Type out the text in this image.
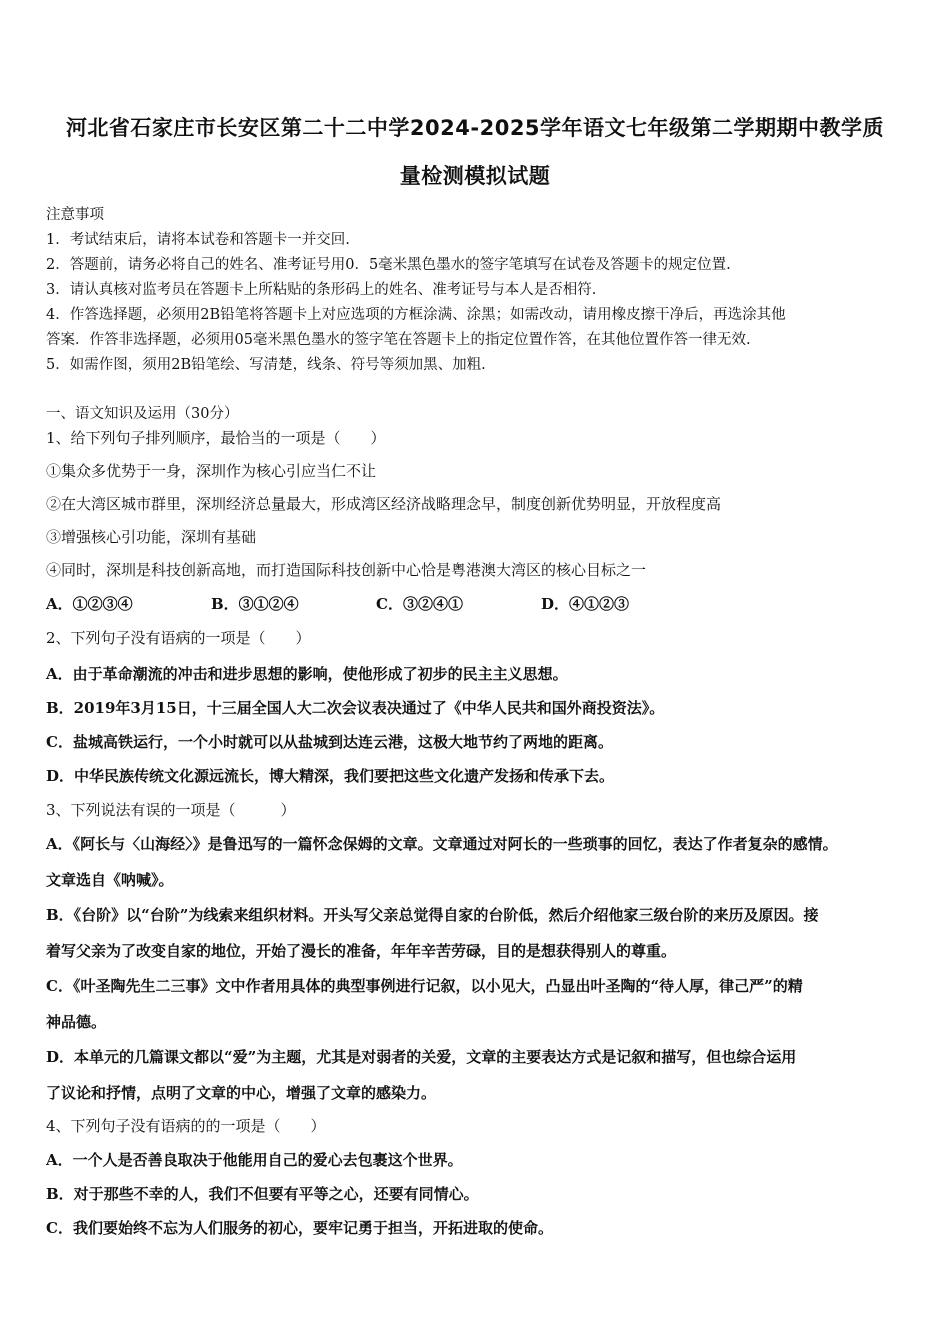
河北省石家庄市长安区第二十二中学2024-2025学年语文七年级第二学期期中教学质
量检测模拟试题
注意事项
1．考试结束后，请将本试卷和答题卡一并交回.
2．答题前，请务必将自己的姓名、准考证号用0．5毫米黑色墨水的签字笔填写在试卷及答题卡的规定位置.
3．请认真核对监考员在答题卡上所粘贴的条形码上的姓名、准考证号与本人是否相符.
4．作答选择题，必须用2B铅笔将答题卡上对应选项的方框涂满、涂黑；如需改动，请用橡皮擦干净后，再选涂其他
答案．作答非选择题，必须用05毫米黑色墨水的签字笔在答题卡上的指定位置作答，在其他位置作答一律无效.
5．如需作图，须用2B铅笔绘、写清楚，线条、符号等须加黑、加粗.
一、语文知识及运用（30分）
1、给下列句子排列顺序，最恰当的一项是（　　）
①集众多优势于一身，深圳作为核心引应当仁不让
②在大湾区城市群里，深圳经济总量最大，形成湾区经济战略理念早，制度创新优势明显，开放程度高
③增强核心引功能，深圳有基础
④同时，深圳是科技创新高地，而打造国际科技创新中心恰是粤港澳大湾区的核心目标之一
A．①②③④	B．③①②④	C．③②④①	D．④①②③
2、下列句子没有语病的一项是（　　）
A．由于革命潮流的冲击和进步思想的影响，使他形成了初步的民主主义思想。
B．2019年3月15日，十三届全国人大二次会议表决通过了《中华人民共和国外商投资法》。
C．盐城高铁运行，一个小时就可以从盐城到达连云港，这极大地节约了两地的距离。
D．中华民族传统文化源远流长，博大精深，我们要把这些文化遗产发扬和传承下去。
3、下列说法有误的一项是（　　　）
A．《阿长与〈山海经〉》是鲁迅写的一篇怀念保姆的文章。文章通过对阿长的一些琐事的回忆，表达了作者复杂的感情。
文章选自《呐喊》。
B．《台阶》以“台阶”为线索来组织材料。开头写父亲总觉得自家的台阶低，然后介绍他家三级台阶的来历及原因。接
着写父亲为了改变自家的地位，开始了漫长的准备，年年辛苦劳碌，目的是想获得别人的尊重。
C．《叶圣陶先生二三事》文中作者用具体的典型事例进行记叙，以小见大，凸显出叶圣陶的“待人厚，律己严”的精
神品德。
D．本单元的几篇课文都以“爱”为主题，尤其是对弱者的关爱，文章的主要表达方式是记叙和描写，但也综合运用
了议论和抒情，点明了文章的中心，增强了文章的感染力。
4、下列句子没有语病的的一项是（　　）
A．一个人是否善良取决于他能用自己的爱心去包裹这个世界。
B．对于那些不幸的人，我们不但要有平等之心，还要有同情心。
C．我们要始终不忘为人们服务的初心，要牢记勇于担当，开拓进取的使命。
